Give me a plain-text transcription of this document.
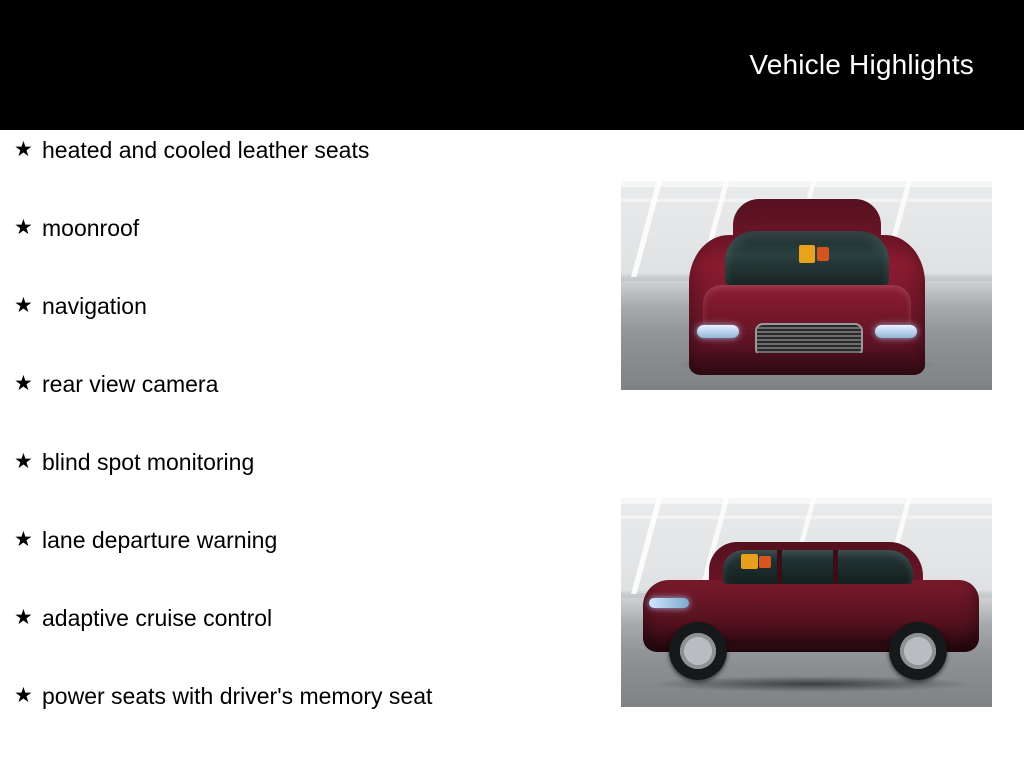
Vehicle Highlights
★ heated and cooled leather seats
★ moonroof
★ navigation
★ rear view camera
★ blind spot monitoring
★ lane departure warning
★ adaptive cruise control
★ power seats with driver's memory seat
